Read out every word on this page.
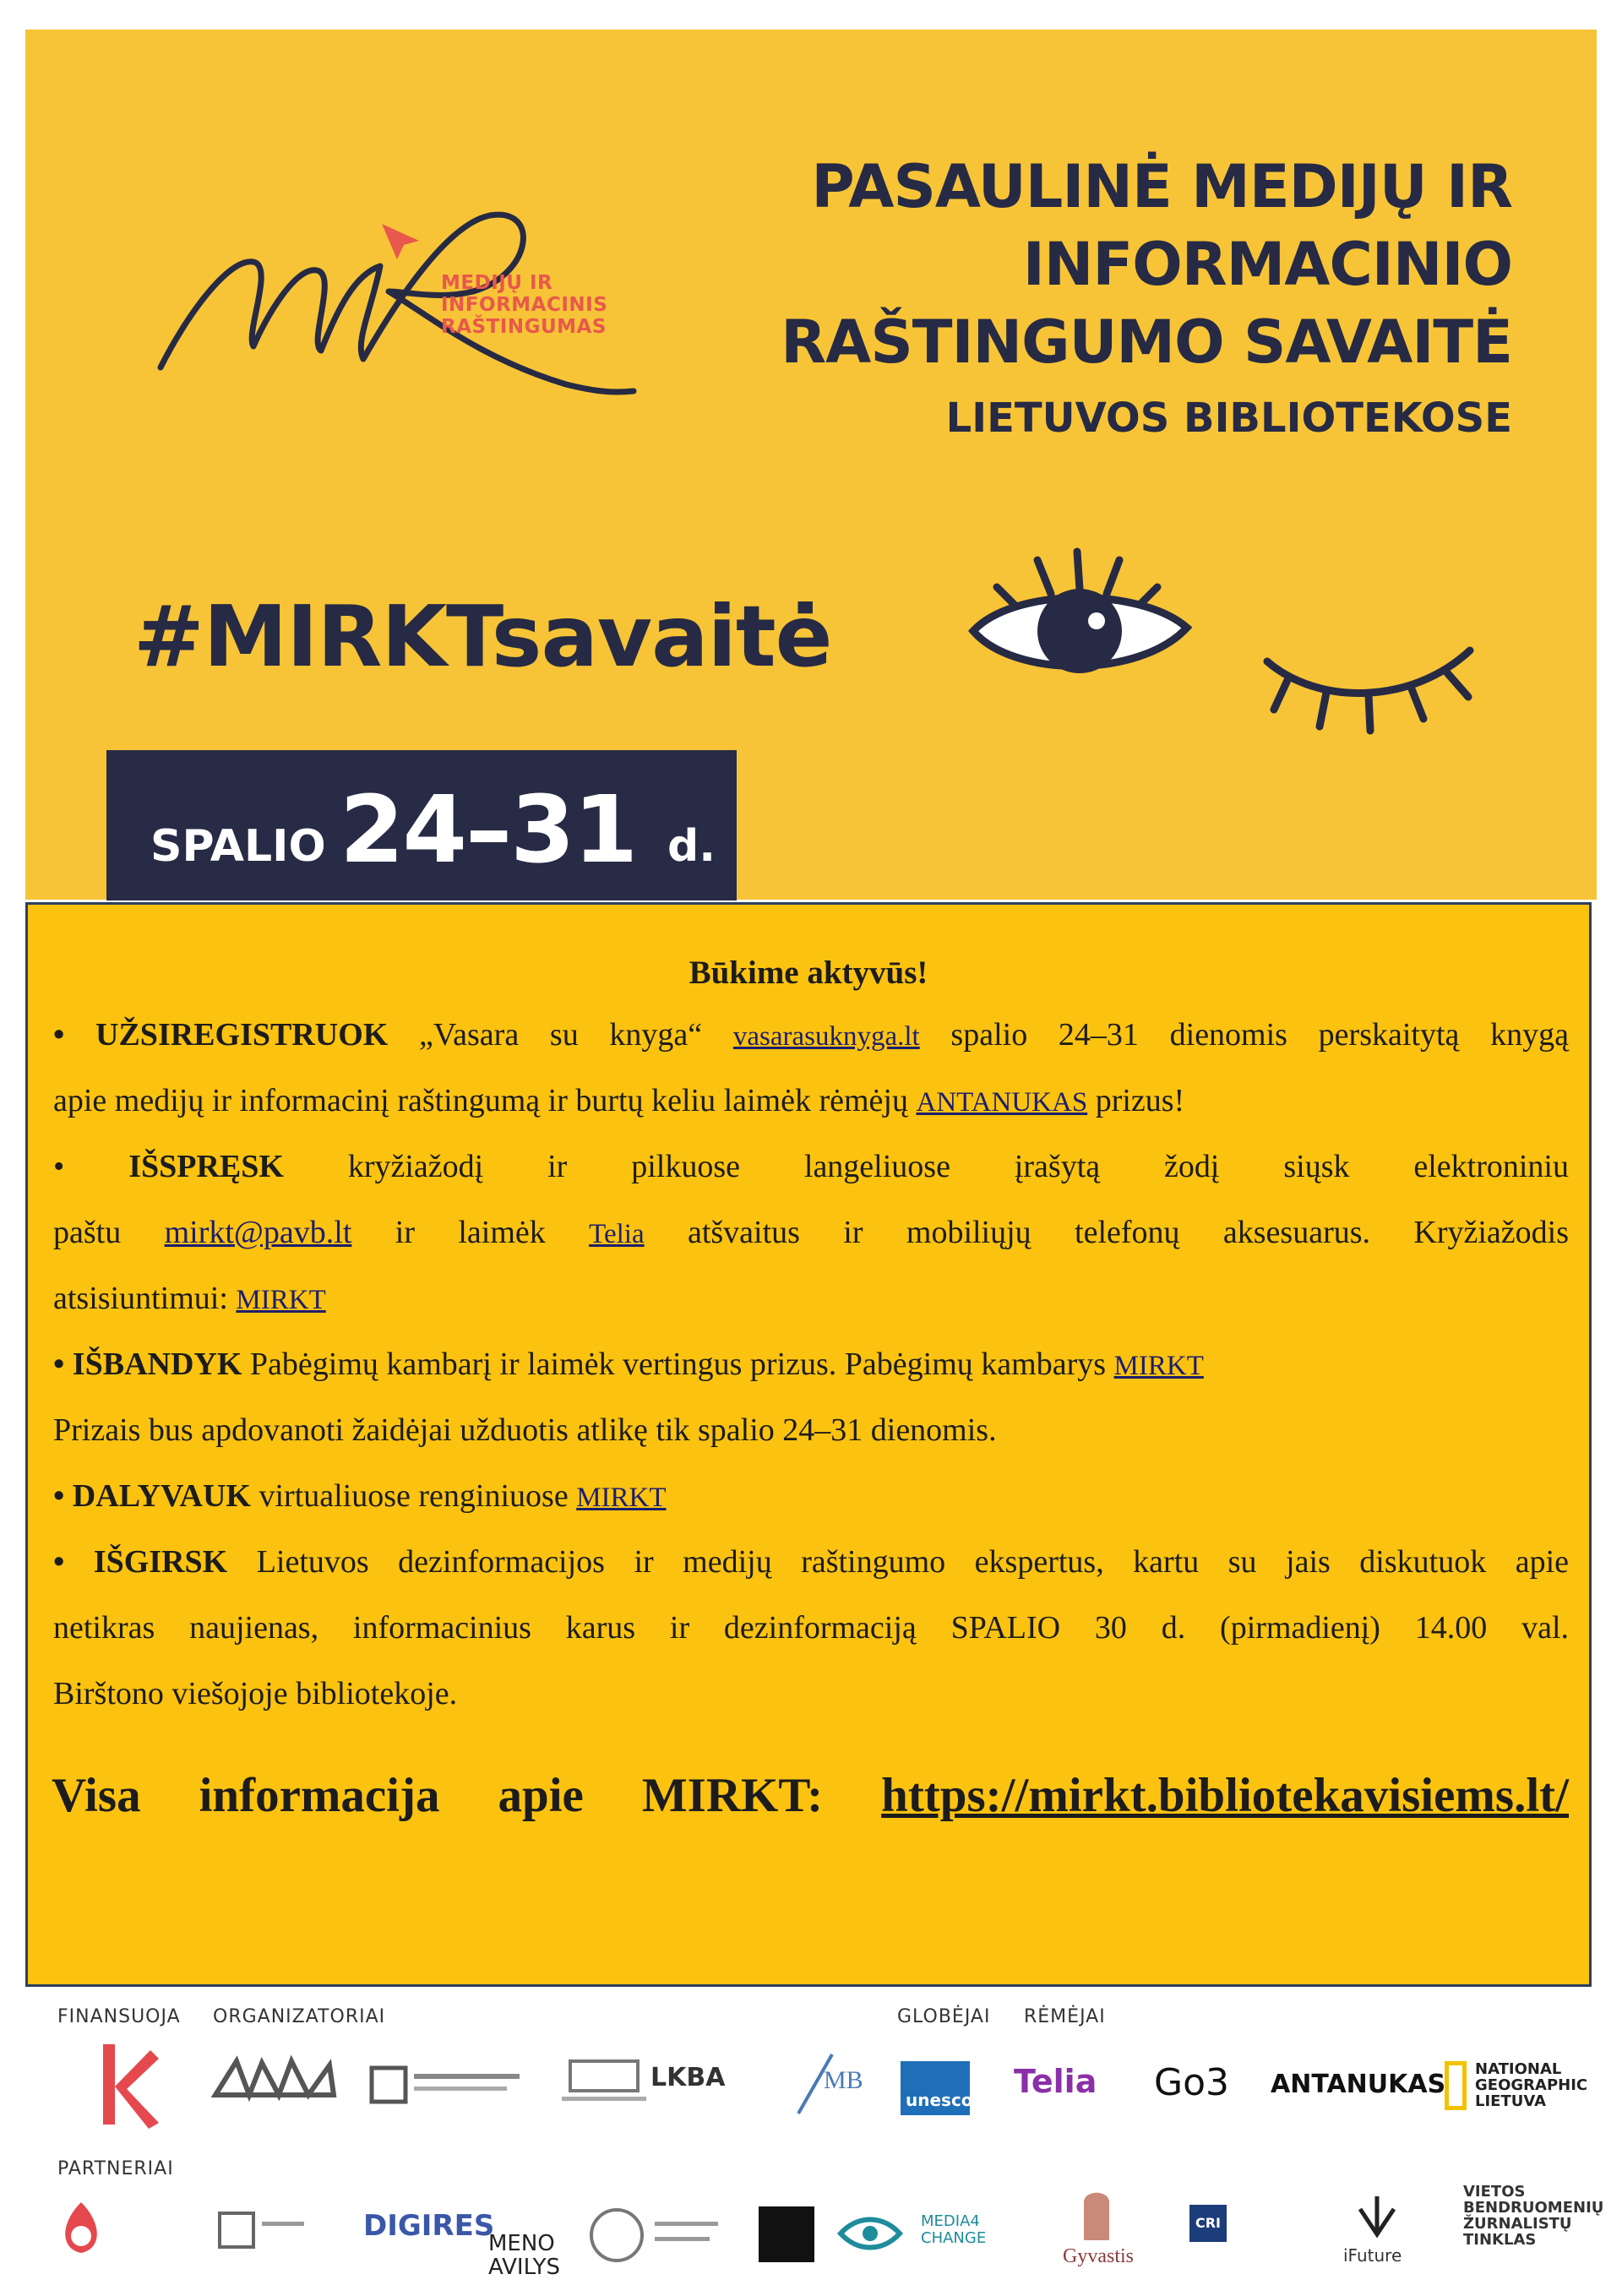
MEDIJŲ IR
INFORMACINIS
RAŠTINGUMAS
PASAULINĖ MEDIJŲ IR
INFORMACINIO
RAŠTINGUMO SAVAITĖ
LIETUVOS BIBLIOTEKOSE
#MIRKTsavaitė
SPALIO 24–31 d.
Būkime aktyvūs!
• UŽSIREGISTRUOK „Vasara su knyga“ vasarasuknyga.lt spalio 24–31 dienomis perskaitytą knygą
apie medijų ir informacinį raštingumą ir burtų keliu laimėk rėmėjų ANTANUKAS prizus!
• IŠSPRĘSK kryžiažodį ir pilkuose langeliuose įrašytą žodį siųsk elektroniniu
paštu mirkt@pavb.lt ir laimėk Telia atšvaitus ir mobiliųjų telefonų aksesuarus. Kryžiažodis
atsisiuntimui: MIRKT
• IŠBANDYK Pabėgimų kambarį ir laimėk vertingus prizus. Pabėgimų kambarys MIRKT
Prizais bus apdovanoti žaidėjai užduotis atlikę tik spalio 24–31 dienomis.
• DALYVAUK virtualiuose renginiuose MIRKT
• IŠGIRSK Lietuvos dezinformacijos ir medijų raštingumo ekspertus, kartu su jais diskutuok apie
netikras naujienas, informacinius karus ir dezinformaciją SPALIO 30 d. (pirmadienį) 14.00 val.
Birštono viešojoje bibliotekoje.
Visa informacija apie MIRKT: https://mirkt.bibliotekavisiems.lt/
FINANSUOJA ORGANIZATORIAI	GLOBĖJAI RĖMĖJAI
PARTNERIAI
LKBA	MB
unesco Telia Go3 ANTANUKAS
NATIONAL
GEOGRAPHIC
LIETUVA
DIGIRES
MENO
AVILYS
MEDIA4
CHANGE
Gyvastis
CRI
iFuture
VIETOS
BENDRUOMENIŲ
ŽURNALISTŲ
TINKLAS
